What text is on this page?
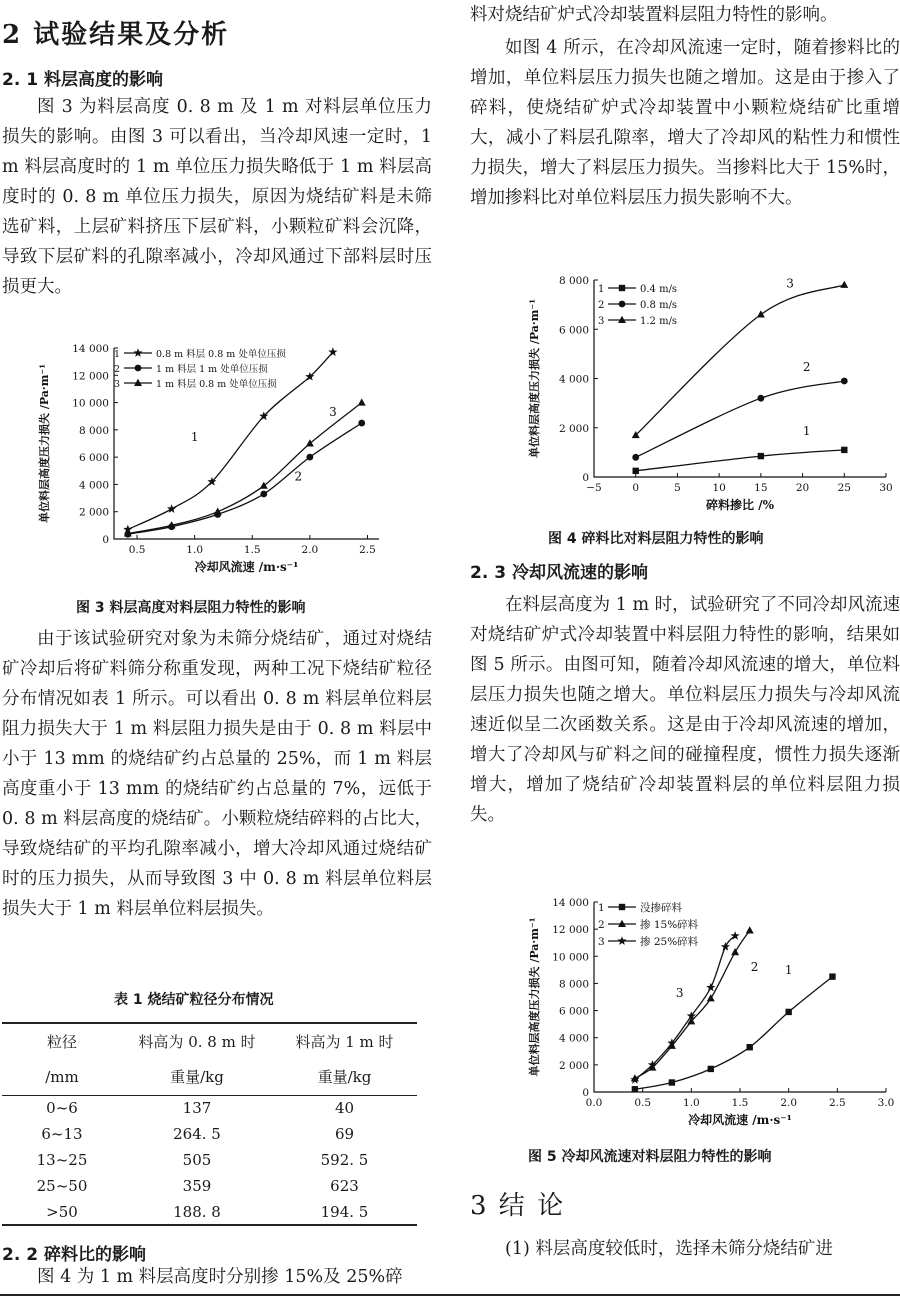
2 试验结果及分析
2. 1 料层高度的影响

图 3 为料层高度 0. 8 m 及 1 m 对料层单位压力损失的影响。由图 3 可以看出，当冷却风速一定时，1 m 料层高度时的 1 m 单位压力损失略低于 1 m 料层高度时的 0. 8 m 单位压力损失，原因为烧结矿料是未筛选矿料，上层矿料挤压下层矿料，小颗粒矿料会沉降，导致下层矿料的孔隙率减小，冷却风通过下部料层时压损更大。

0.5	1.0	1.5	2.0	2.5
0
2 000
4 000
6 000
8 000
10 000
12 000
14 000
冷却风流速 /m·s⁻¹
单位料层高度压力损失 /Pa·m⁻¹
1	0.8 m 料层 0.8 m 处单位压损
2	1 m 料层 1 m 处单位压损
3	1 m 料层 0.8 m 处单位压损
1
3
2
图 3 料层高度对料层阻力特性的影响

由于该试验研究对象为未筛分烧结矿，通过对烧结矿冷却后将矿料筛分称重发现，两种工况下烧结矿粒径分布情况如表 1 所示。可以看出 0. 8 m 料层单位料层阻力损失大于 1 m 料层阻力损失是由于 0. 8 m 料层中小于 13 mm 的烧结矿约占总量的 25%，而 1 m 料层高度重小于 13 mm 的烧结矿约占总量的 7%，远低于 0. 8 m 料层高度的烧结矿。小颗粒烧结碎料的占比大，导致烧结矿的平均孔隙率减小，增大冷却风通过烧结矿时的压力损失，从而导致图 3 中 0. 8 m 料层单位料层损失大于 1 m 料层单位料层损失。

表 1 烧结矿粒径分布情况
粒径	料高为 0. 8 m 时	料高为 1 m 时
/mm	重量/kg	重量/kg
0~6	137	40
6~13	264. 5	69
13~25	505	592. 5
25~50	359	623
>50	188. 8	194. 5
2. 2 碎料比的影响

图 4 为 1 m 料层高度时分别掺 15%及 25%碎

料对烧结矿炉式冷却装置料层阻力特性的影响。

如图 4 所示，在冷却风流速一定时，随着掺料比的增加，单位料层压力损失也随之增加。这是由于掺入了碎料，使烧结矿炉式冷却装置中小颗粒烧结矿比重增大，减小了料层孔隙率，增大了冷却风的粘性力和惯性力损失，增大了料层压力损失。当掺料比大于 15%时，增加掺料比对单位料层压力损失影响不大。

−5	0	5	10	15	20	25	30
0
2 000
4 000
6 000
8 000
碎料掺比 /%
单位料层高度压力损失 /Pa·m⁻¹
1	0.4 m/s
2	0.8 m/s
3	1.2 m/s
3
2
1
图 4 碎料比对料层阻力特性的影响
2. 3 冷却风流速的影响

在料层高度为 1 m 时，试验研究了不同冷却风流速对烧结矿炉式冷却装置中料层阻力特性的影响，结果如图 5 所示。由图可知，随着冷却风流速的增大，单位料层压力损失也随之增大。单位料层压力损失与冷却风流速近似呈二次函数关系。这是由于冷却风流速的增加，增大了冷却风与矿料之间的碰撞程度，惯性力损失逐渐增大，增加了烧结矿冷却装置料层的单位料层阻力损失。

0.0	0.5	1.0	1.5	2.0	2.5	3.0
0
2 000
4 000
6 000
8 000
10 000
12 000
14 000
冷却风流速 /m·s⁻¹
单位料层高度压力损失 /Pa·m⁻¹
1	没掺碎料
2	掺 15%碎料
3	掺 25%碎料
2
3
1
图 5 冷却风流速对料层阻力特性的影响
3 结 论

(1) 料层高度较低时，选择未筛分烧结矿进
